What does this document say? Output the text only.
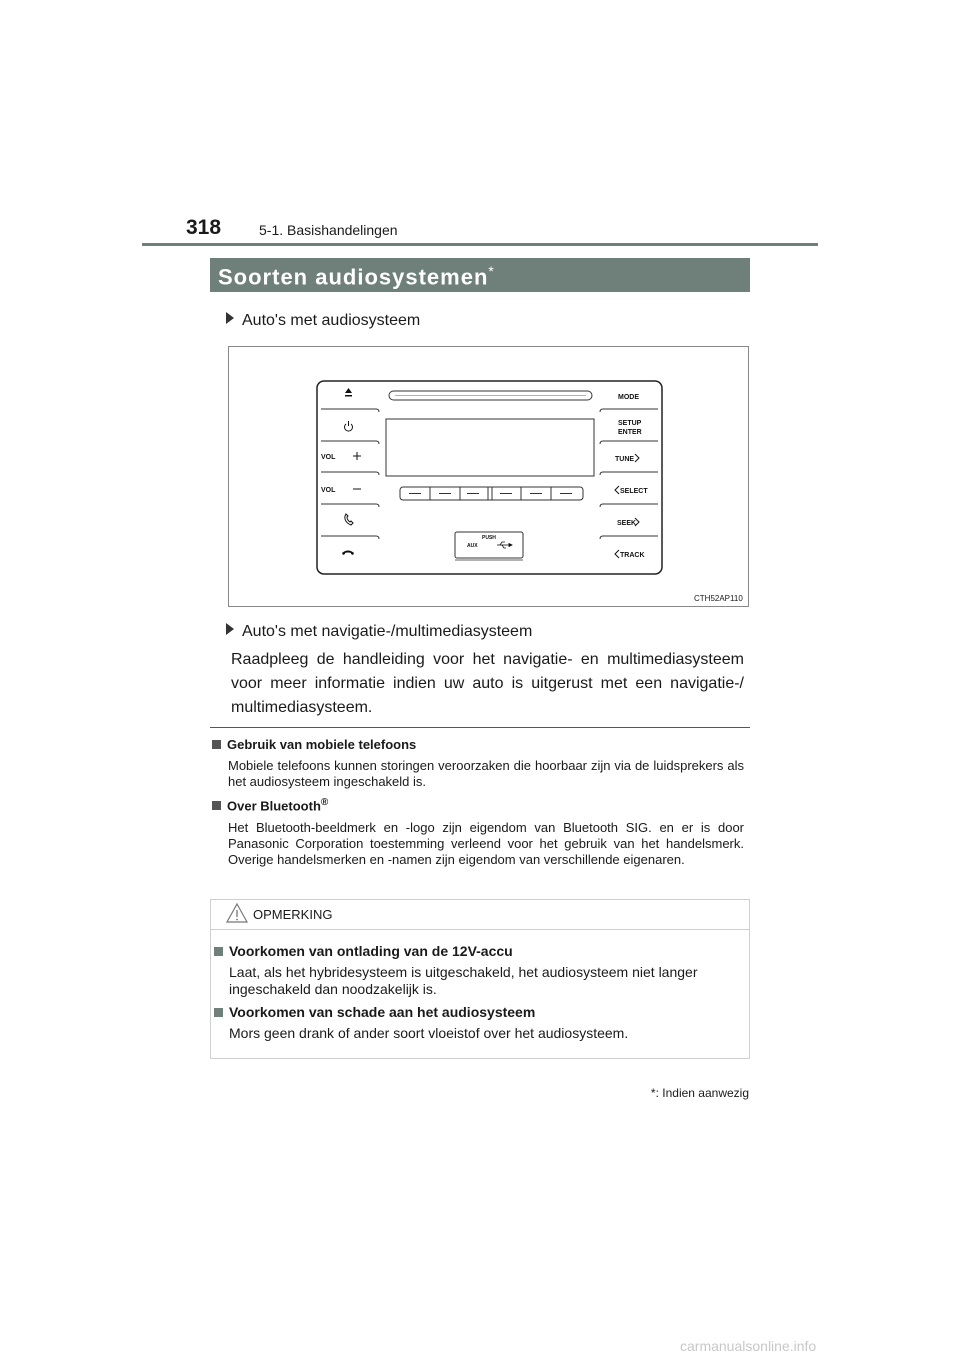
318	5-1. Basishandelingen
Soorten audiosystemen*
Auto's met audiosysteem
VOL
VOL
PUSH
AUX
MODE
SETUP
ENTER
TUNE
SELECT
SEEK
TRACK
CTH52AP110
Auto's met navigatie-/multimediasysteem
Raadpleeg de handleiding voor het navigatie- en multimediasysteem voor meer informatie indien uw auto is uitgerust met een navigatie-/ multimediasysteem.
Gebruik van mobiele telefoons
Mobiele telefoons kunnen storingen veroorzaken die hoorbaar zijn via de luidsprekers als het audiosysteem ingeschakeld is.
Over Bluetooth®
Het Bluetooth-beeldmerk en -logo zijn eigendom van Bluetooth SIG. en er is door Panasonic Corporation toestemming verleend voor het gebruik van het handelsmerk. Overige handelsmerken en -namen zijn eigendom van verschillende eigenaren.
OPMERKING
Voorkomen van ontlading van de 12V-accu
Laat, als het hybridesysteem is uitgeschakeld, het audiosysteem niet langer ingeschakeld dan noodzakelijk is.
Voorkomen van schade aan het audiosysteem
Mors geen drank of ander soort vloeistof over het audiosysteem.
*: Indien aanwezig
carmanualsonline.info
